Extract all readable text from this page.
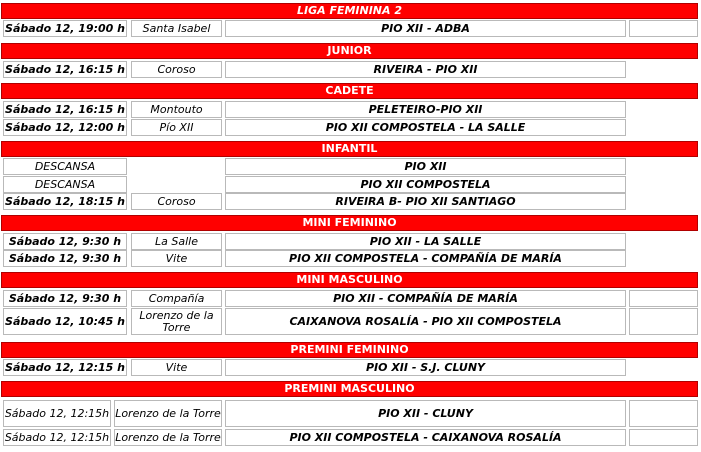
LIGA FEMININA 2
Sábado 12, 19:00 h	Santa Isabel	PIO XII - ADBA
JUNIOR
Sábado 12, 16:15 h	Coroso	RIVEIRA - PIO XII
CADETE
Sábado 12, 16:15 h	Montouto	PELETEIRO-PIO XII
Sábado 12, 12:00 h	Pío XII	PIO XII COMPOSTELA - LA SALLE
INFANTIL
DESCANSA	PIO XII
DESCANSA	PIO XII COMPOSTELA
Sábado 12, 18:15 h	Coroso	RIVEIRA B- PIO XII SANTIAGO
MINI FEMININO
Sábado 12, 9:30 h	La Salle	PIO XII - LA SALLE
Sábado 12, 9:30 h	Vite	PIO XII COMPOSTELA - COMPAÑÍA DE MARÍA
MINI MASCULINO
Sábado 12, 9:30 h	Compañía	PIO XII - COMPAÑÍA DE MARÍA
Sábado 12, 10:45 h	Lorenzo de la Torre	CAIXANOVA ROSALÍA - PIO XII COMPOSTELA
PREMINI FEMININO
Sábado 12, 12:15 h	Vite	PIO XII - S.J. CLUNY
PREMINI MASCULINO
Sábado 12, 12:15h Lorenzo de la Torre	PIO XII - CLUNY
Sábado 12, 12:15h Lorenzo de la Torre	PIO XII COMPOSTELA - CAIXANOVA ROSALÍA
